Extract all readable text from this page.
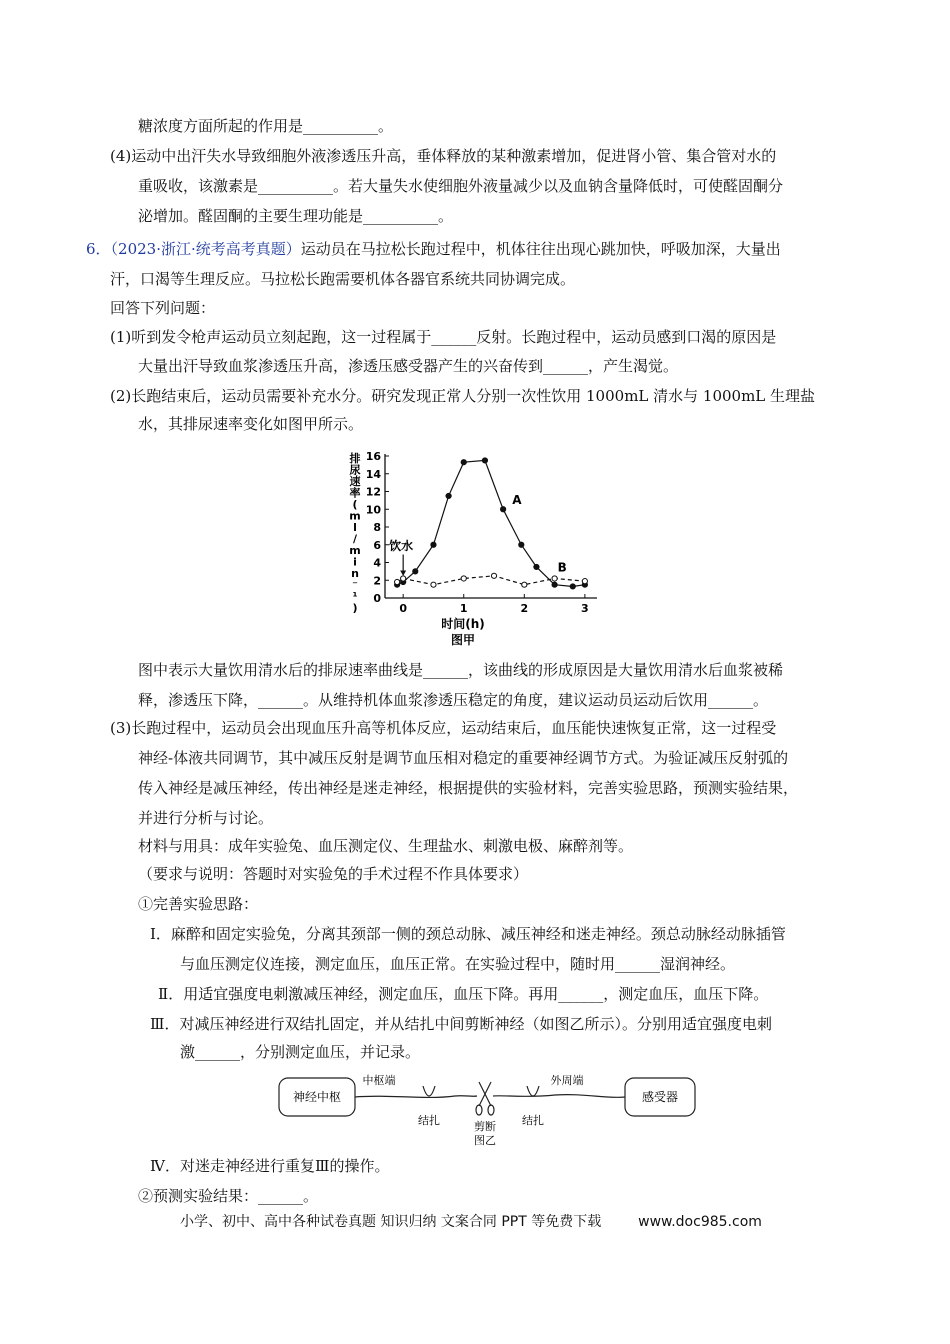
糖浓度方面所起的作用是__________。
(4)运动中出汗失水导致细胞外液渗透压升高，垂体释放的某种激素增加，促进肾小管、集合管对水的
重吸收，该激素是__________。若大量失水使细胞外液量减少以及血钠含量降低时，可使醛固酮分
泌增加。醛固酮的主要生理功能是__________。
6．（2023·浙江·统考高考真题）运动员在马拉松长跑过程中，机体往往出现心跳加快，呼吸加深，大量出
汗，口渴等生理反应。马拉松长跑需要机体各器官系统共同协调完成。
回答下列问题：
(1)听到发令枪声运动员立刻起跑，这一过程属于______反射。长跑过程中，运动员感到口渴的原因是
大量出汗导致血浆渗透压升高，渗透压感受器产生的兴奋传到______，产生渴觉。
(2)长跑结束后，运动员需要补充水分。研究发现正常人分别一次性饮用 1000mL 清水与 1000mL 生理盐
水，其排尿速率变化如图甲所示。
排
尿
速
率
(
m
l
/
m
i
n
⁻
¹
)
0
2
4
6
8
10
12
14
16
0	1	2	3
A
B
饮水
时间(h)
图甲
图中表示大量饮用清水后的排尿速率曲线是______，该曲线的形成原因是大量饮用清水后血浆被稀
释，渗透压下降，______。从维持机体血浆渗透压稳定的角度，建议运动员运动后饮用______。
(3)长跑过程中，运动员会出现血压升高等机体反应，运动结束后，血压能快速恢复正常，这一过程受
神经-体液共同调节，其中减压反射是调节血压相对稳定的重要神经调节方式。为验证减压反射弧的
传入神经是减压神经，传出神经是迷走神经，根据提供的实验材料，完善实验思路，预测实验结果，
并进行分析与讨论。
材料与用具：成年实验兔、血压测定仪、生理盐水、刺激电极、麻醉剂等。
（要求与说明：答题时对实验兔的手术过程不作具体要求）
①完善实验思路：
I．麻醉和固定实验兔，分离其颈部一侧的颈总动脉、减压神经和迷走神经。颈总动脉经动脉插管
与血压测定仪连接，测定血压，血压正常。在实验过程中，随时用______湿润神经。
Ⅱ．用适宜强度电刺激减压神经，测定血压，血压下降。再用______，测定血压，血压下降。
Ⅲ．对减压神经进行双结扎固定，并从结扎中间剪断神经（如图乙所示）。分别用适宜强度电刺
激______，分别测定血压，并记录。
神经中枢	感受器
中枢端	外周端
结扎	结扎
剪断
图乙
Ⅳ．对迷走神经进行重复Ⅲ的操作。
②预测实验结果：______。
小学、初中、高中各种试卷真题 知识归纳 文案合同 PPT 等免费下载	www.doc985.com
